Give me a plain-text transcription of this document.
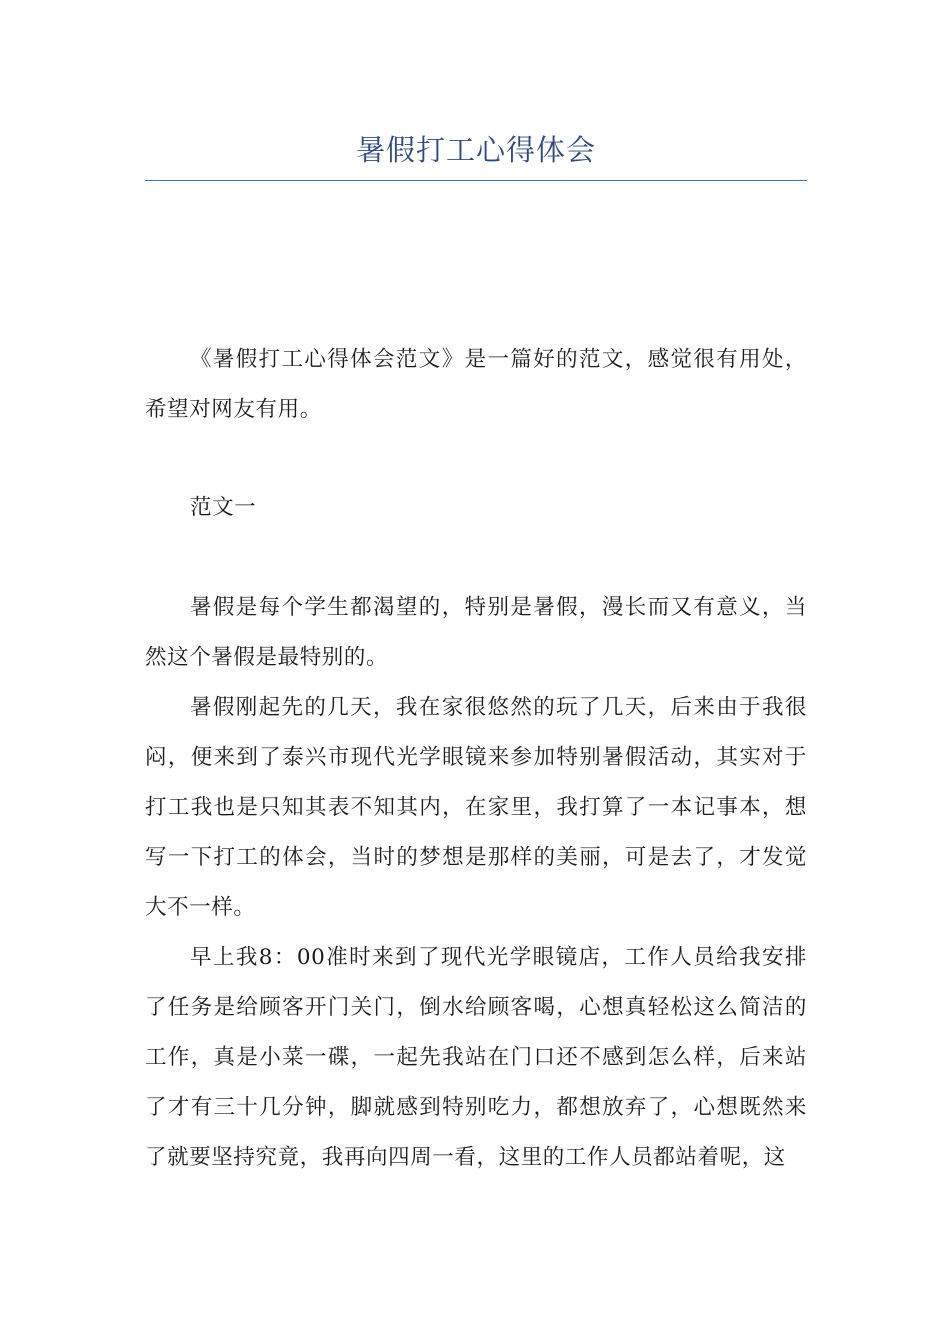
暑假打工心得体会

《暑假打工心得体会范文》是一篇好的范文，感觉很有用处，希望对网友有用。

范文一

暑假是每个学生都渴望的，特别是暑假，漫长而又有意义，当然这个暑假是最特别的。

暑假刚起先的几天，我在家很悠然的玩了几天，后来由于我很闷，便来到了泰兴市现代光学眼镜来参加特别暑假活动，其实对于打工我也是只知其表不知其内，在家里，我打算了一本记事本，想写一下打工的体会，当时的梦想是那样的美丽，可是去了，才发觉大不一样。

早上我8：00准时来到了现代光学眼镜店，工作人员给我安排了任务是给顾客开门关门，倒水给顾客喝，心想真轻松这么简洁的工作，真是小菜一碟，一起先我站在门口还不感到怎么样，后来站了才有三十几分钟，脚就感到特别吃力，都想放弃了，心想既然来了就要坚持究竟，我再向四周一看，这里的工作人员都站着呢，这
